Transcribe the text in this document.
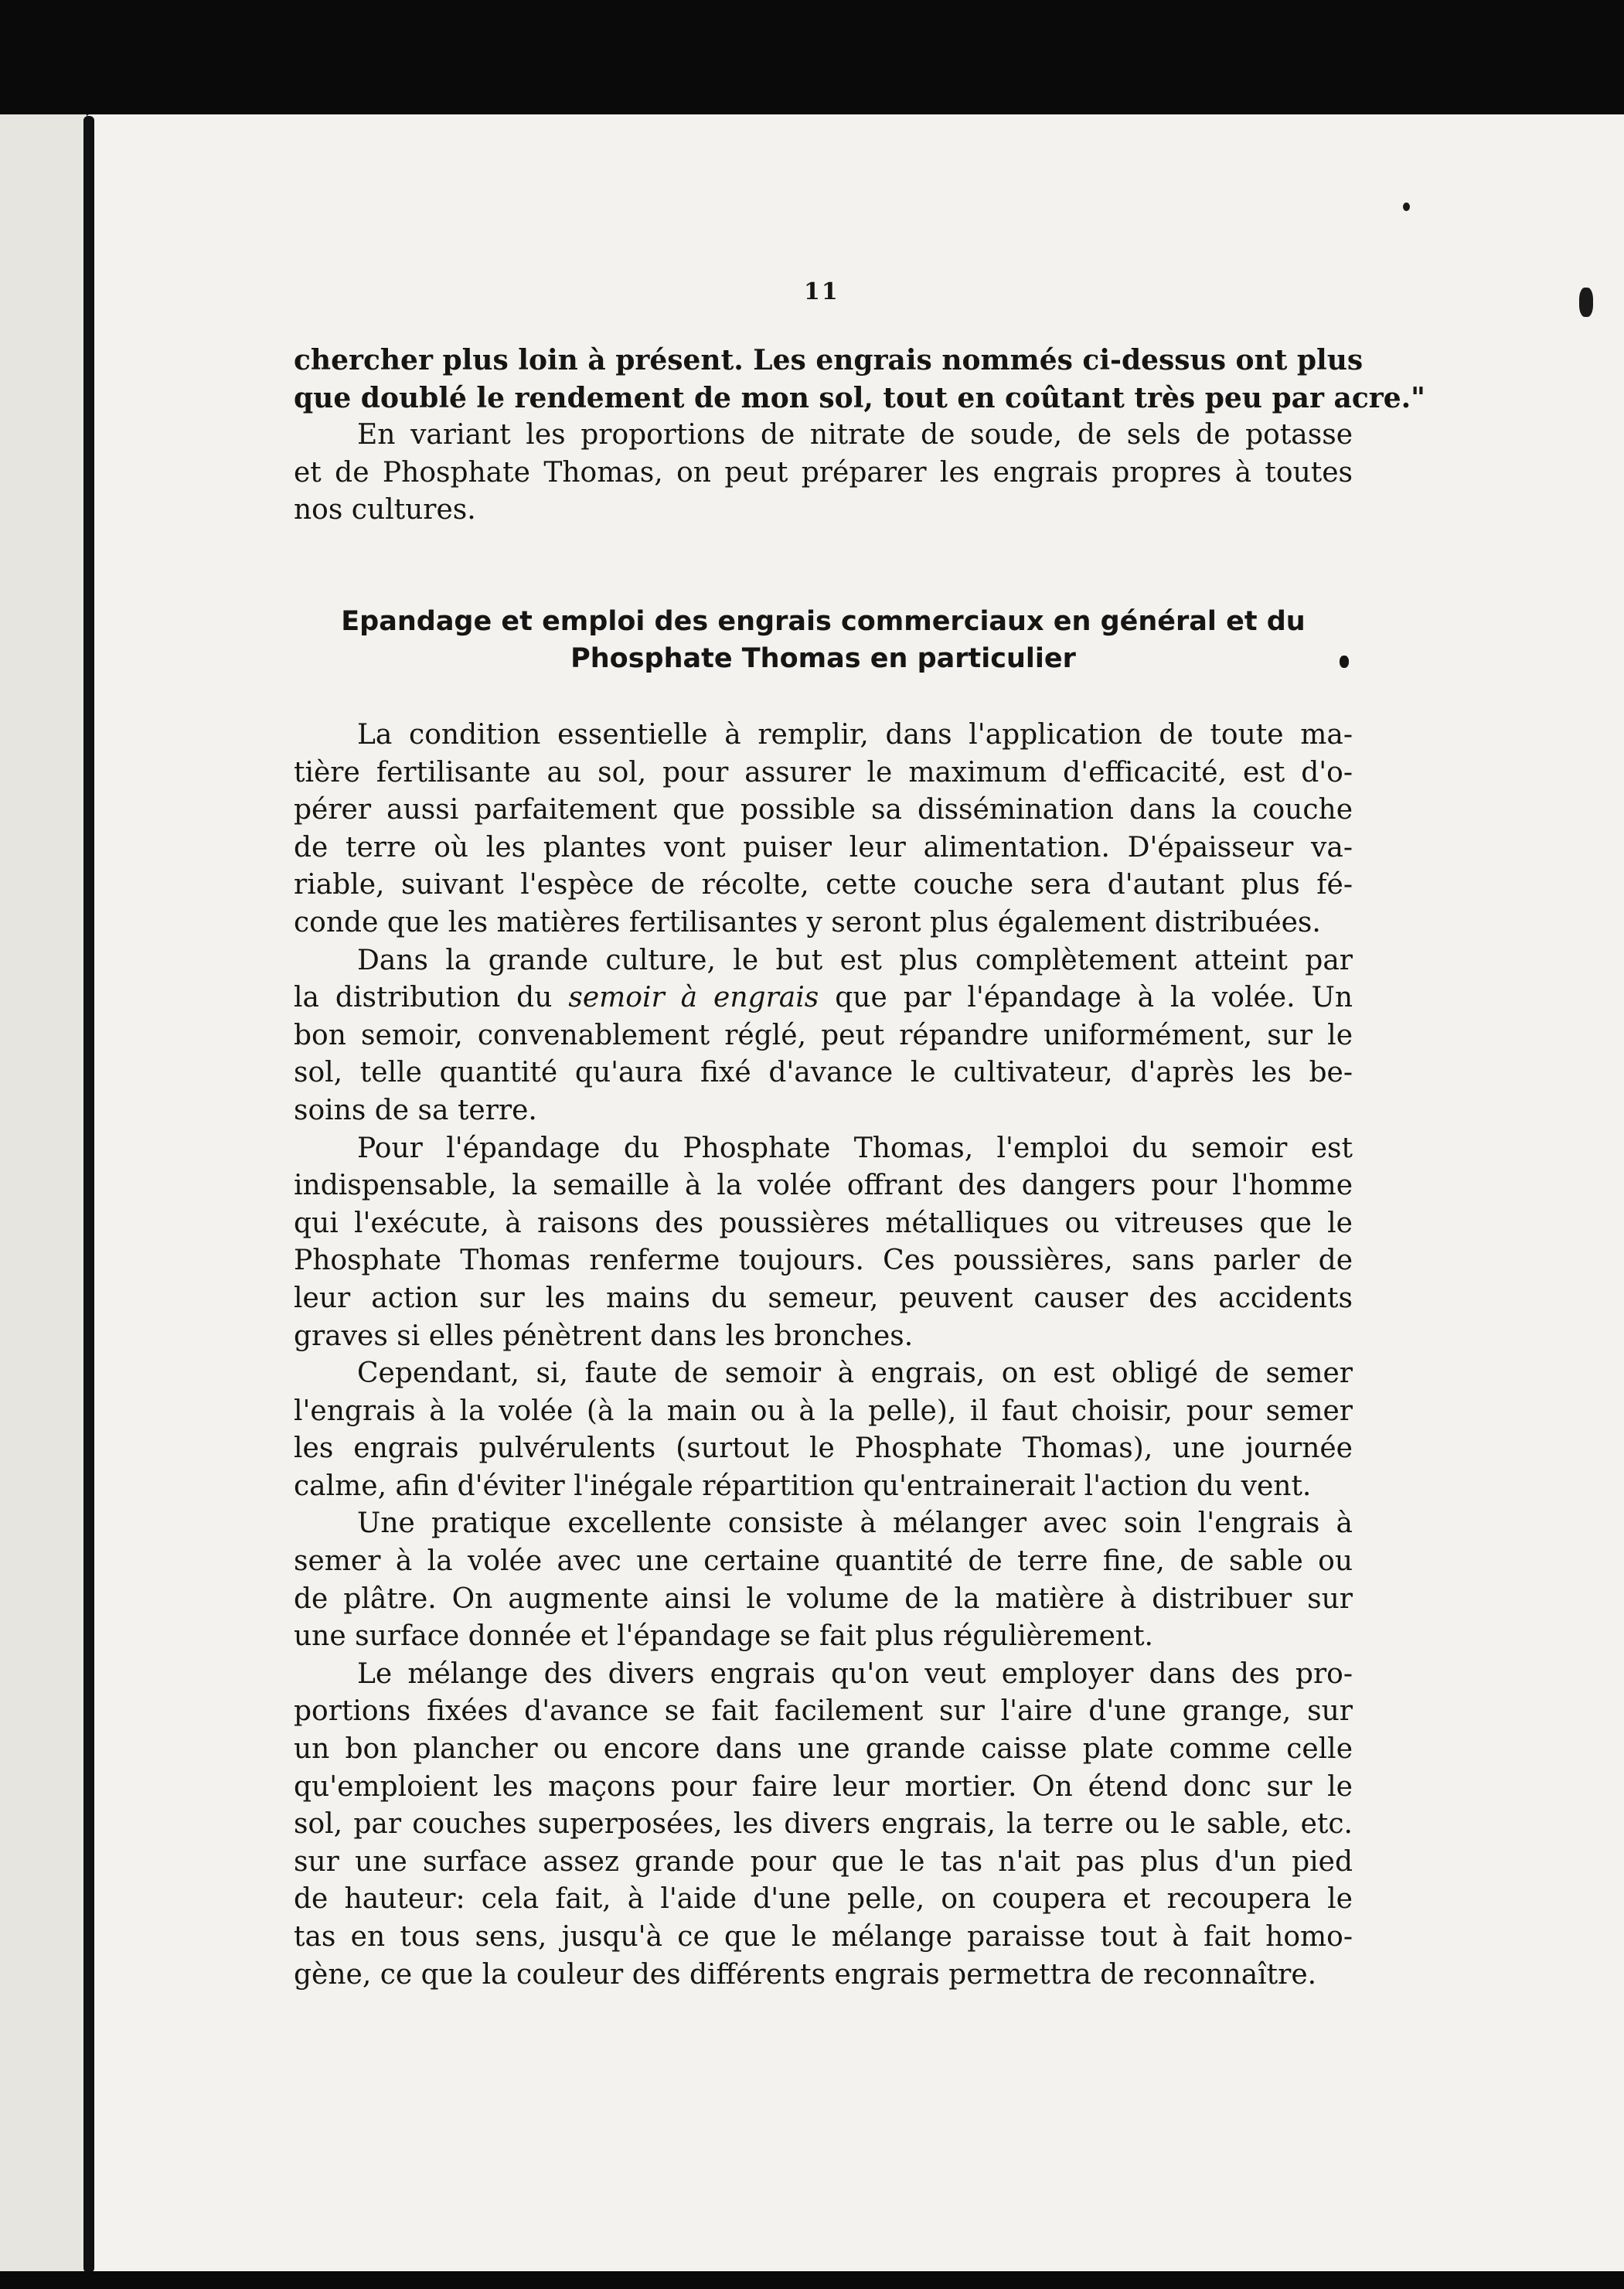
11
chercher plus loin à présent. Les engrais nommés ci-dessus ont plus
que doublé le rendement de mon sol, tout en coûtant très peu par acre."
En variant les proportions de nitrate de soude, de sels de potasse
et de Phosphate Thomas, on peut préparer les engrais propres à toutes
nos cultures.
Epandage et emploi des engrais commerciaux en général et du
Phosphate Thomas en particulier
La condition essentielle à remplir, dans l'application de toute ma-
tière fertilisante au sol, pour assurer le maximum d'efficacité, est d'o-
pérer aussi parfaitement que possible sa dissémination dans la couche
de terre où les plantes vont puiser leur alimentation. D'épaisseur va-
riable, suivant l'espèce de récolte, cette couche sera d'autant plus fé-
conde que les matières fertilisantes y seront plus également distribuées.
Dans la grande culture, le but est plus complètement atteint par
la distribution du semoir à engrais que par l'épandage à la volée. Un
bon semoir, convenablement réglé, peut répandre uniformément, sur le
sol, telle quantité qu'aura fixé d'avance le cultivateur, d'après les be-
soins de sa terre.
Pour l'épandage du Phosphate Thomas, l'emploi du semoir est
indispensable, la semaille à la volée offrant des dangers pour l'homme
qui l'exécute, à raisons des poussières métalliques ou vitreuses que le
Phosphate Thomas renferme toujours. Ces poussières, sans parler de
leur action sur les mains du semeur, peuvent causer des accidents
graves si elles pénètrent dans les bronches.
Cependant, si, faute de semoir à engrais, on est obligé de semer
l'engrais à la volée (à la main ou à la pelle), il faut choisir, pour semer
les engrais pulvérulents (surtout le Phosphate Thomas), une journée
calme, afin d'éviter l'inégale répartition qu'entrainerait l'action du vent.
Une pratique excellente consiste à mélanger avec soin l'engrais à
semer à la volée avec une certaine quantité de terre fine, de sable ou
de plâtre. On augmente ainsi le volume de la matière à distribuer sur
une surface donnée et l'épandage se fait plus régulièrement.
Le mélange des divers engrais qu'on veut employer dans des pro-
portions fixées d'avance se fait facilement sur l'aire d'une grange, sur
un bon plancher ou encore dans une grande caisse plate comme celle
qu'emploient les maçons pour faire leur mortier. On étend donc sur le
sol, par couches superposées, les divers engrais, la terre ou le sable, etc.
sur une surface assez grande pour que le tas n'ait pas plus d'un pied
de hauteur: cela fait, à l'aide d'une pelle, on coupera et recoupera le
tas en tous sens, jusqu'à ce que le mélange paraisse tout à fait homo-
gène, ce que la couleur des différents engrais permettra de reconnaître.
